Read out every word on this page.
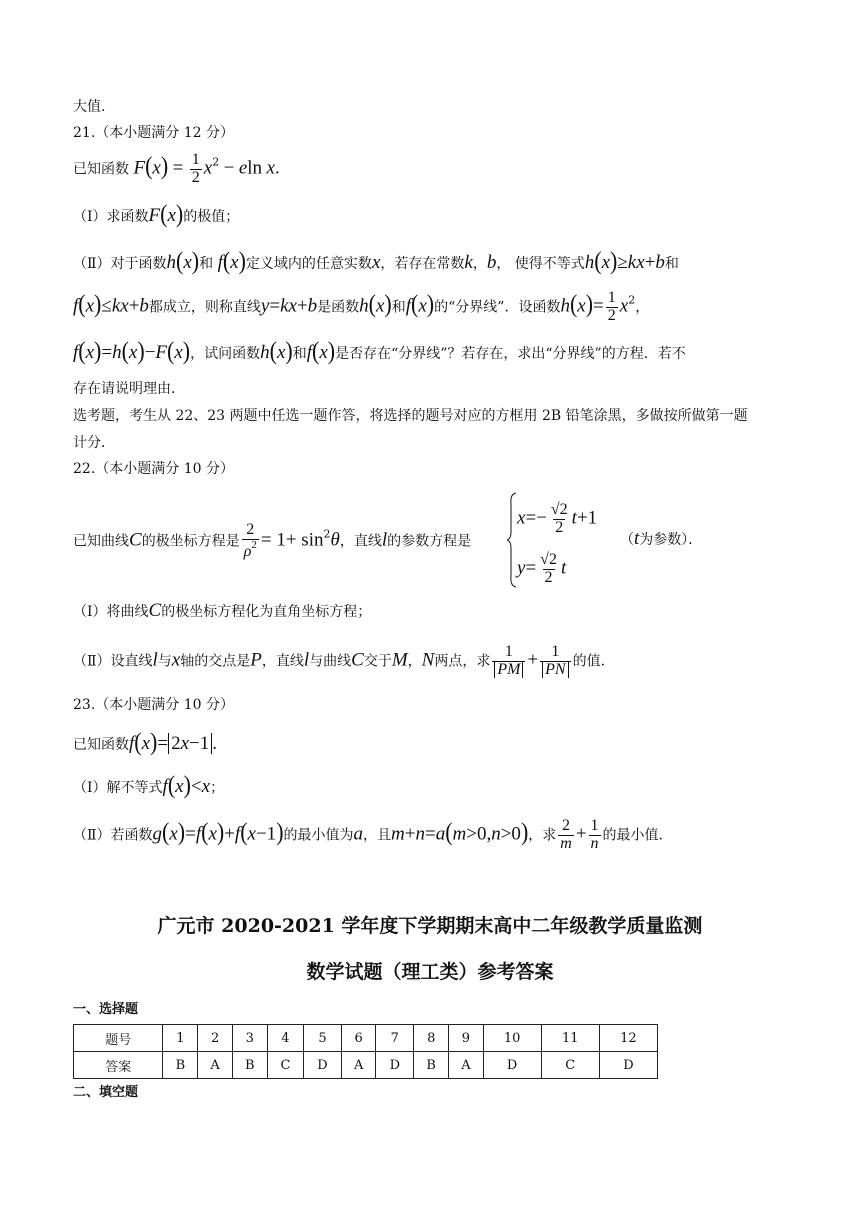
大值.
21.（本小题满分 12 分）
已知函数 $F(x) = \frac{1}{2} x^2 - eln$ x.
（Ⅰ）求函数F(x)的极值；
（Ⅱ）对于函数h(x)和 f(x)定义域内的任意实数x，若存在常数k，b， 使得不等式h(x)≥kx+b和
f(x)≤kx+b都成立，则称直线y=kx+b是函数h(x)和f(x)的“分界线”．设函数$h(x)= \frac{1}{2} x^2$，
f(x)=h(x)−F(x)，试问函数h(x)和f(x)是否存在“分界线”？若存在，求出“分界线”的方程．若不
存在请说明理由．
选考题，考生从 22、23 两题中任选一题作答，将选择的题号对应的方框用 2B 铅笔涂黑，多做按所做第一题
计分．
22.（本小题满分 10 分）
已知曲线C的极坐标方程是 $\frac{2}{\rho^2} = 1+ \sin^2\theta$，直线l的参数方程是
$x=- \frac{√2}{2} t+1$
$y= \frac{√2}{2}$ t
（t为参数）．
（Ⅰ）将曲线C的极坐标方程化为直角坐标方程；
（Ⅱ）设直线l与x轴的交点是P，直线l与曲线C交于M，N两点，求 $\frac{1}{PM} + \frac{1}{PN}$ 的值．
23.（本小题满分 10 分）
已知函数f(x)= 2x−1 .
（Ⅰ）解不等式f(x)<x；
（Ⅱ）若函数g(x)=f(x)+f(x−1)的最小值为a，且m+n=a(m>0,n>0)，求 $\frac{2}{m} + \frac{1}{n}$ 的最小值．
广元市 2020-2021 学年度下学期期末高中二年级教学质量监测
数学试题（理工类）参考答案
一、选择题
题号	1	2	3	4	5	6	7	8	9	10	11	12
答案	B	A	B	C	D	A	D	B	A	D	C	D
二、填空题
